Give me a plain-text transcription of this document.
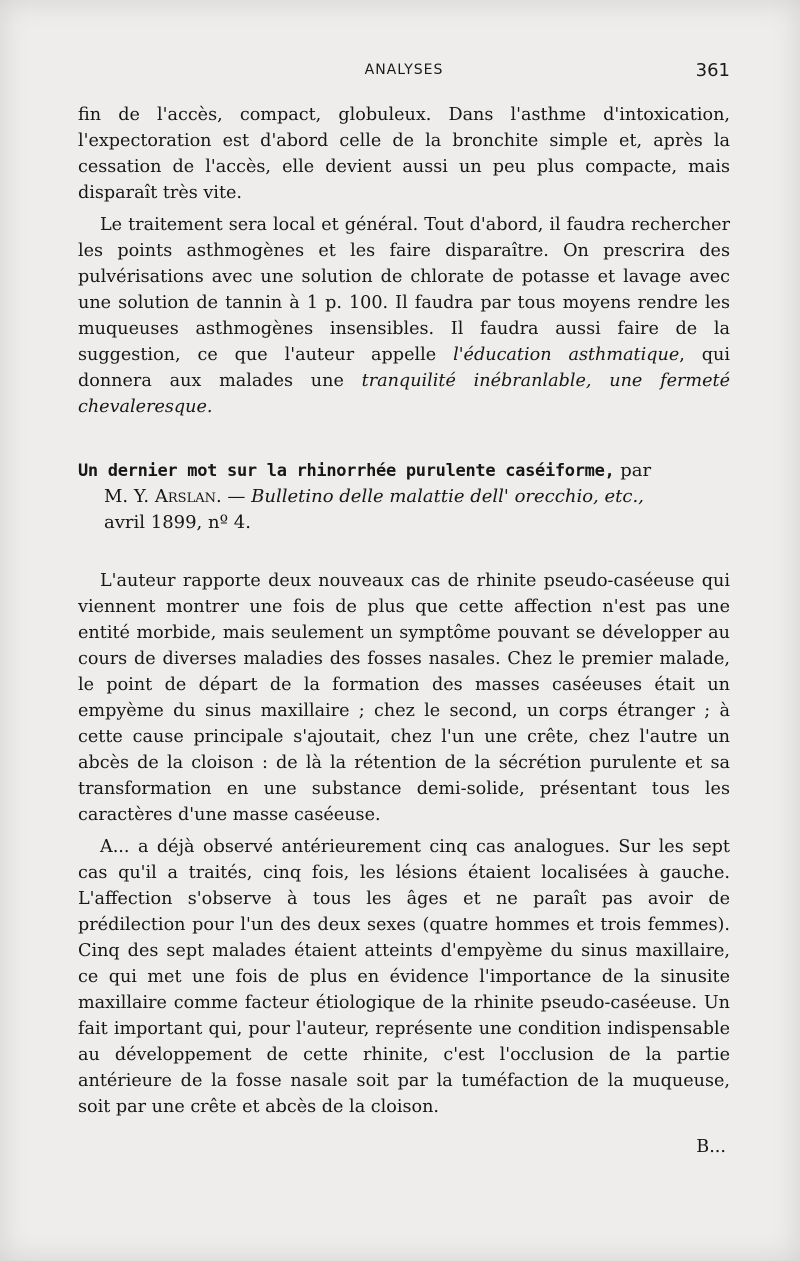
ANALYSES	361

fin de l'accès, compact, globuleux. Dans l'asthme d'intoxication, l'expectoration est d'abord celle de la bronchite simple et, après la cessation de l'accès, elle devient aussi un peu plus compacte, mais disparaît très vite.

Le traitement sera local et général. Tout d'abord, il faudra rechercher les points asthmogènes et les faire disparaître. On prescrira des pulvérisations avec une solution de chlorate de potasse et lavage avec une solution de tannin à 1 p. 100. Il faudra par tous moyens rendre les muqueuses asthmogènes insensibles. Il faudra aussi faire de la suggestion, ce que l'auteur appelle l'éducation asthmatique, qui donnera aux malades une tranquilité inébranlable, une fermeté chevaleresque.

Un dernier mot sur la rhinorrhée purulente caséiforme, par
M. Y. Arslan. — Bulletino delle malattie dell' orecchio, etc.,
avril 1899, nº 4.

L'auteur rapporte deux nouveaux cas de rhinite pseudo-caséeuse qui viennent montrer une fois de plus que cette affection n'est pas une entité morbide, mais seulement un symptôme pouvant se développer au cours de diverses maladies des fosses nasales. Chez le premier malade, le point de départ de la formation des masses caséeuses était un empyème du sinus maxillaire ; chez le second, un corps étranger ; à cette cause principale s'ajoutait, chez l'un une crête, chez l'autre un abcès de la cloison : de là la rétention de la sécrétion purulente et sa transformation en une substance demi-solide, présentant tous les caractères d'une masse caséeuse.

A... a déjà observé antérieurement cinq cas analogues. Sur les sept cas qu'il a traités, cinq fois, les lésions étaient localisées à gauche. L'affection s'observe à tous les âges et ne paraît pas avoir de prédilection pour l'un des deux sexes (quatre hommes et trois femmes). Cinq des sept malades étaient atteints d'empyème du sinus maxillaire, ce qui met une fois de plus en évidence l'importance de la sinusite maxillaire comme facteur étiologique de la rhinite pseudo-caséeuse. Un fait important qui, pour l'auteur, représente une condition indispensable au développement de cette rhinite, c'est l'occlusion de la partie antérieure de la fosse nasale soit par la tuméfaction de la muqueuse, soit par une crête et abcès de la cloison.

B...
